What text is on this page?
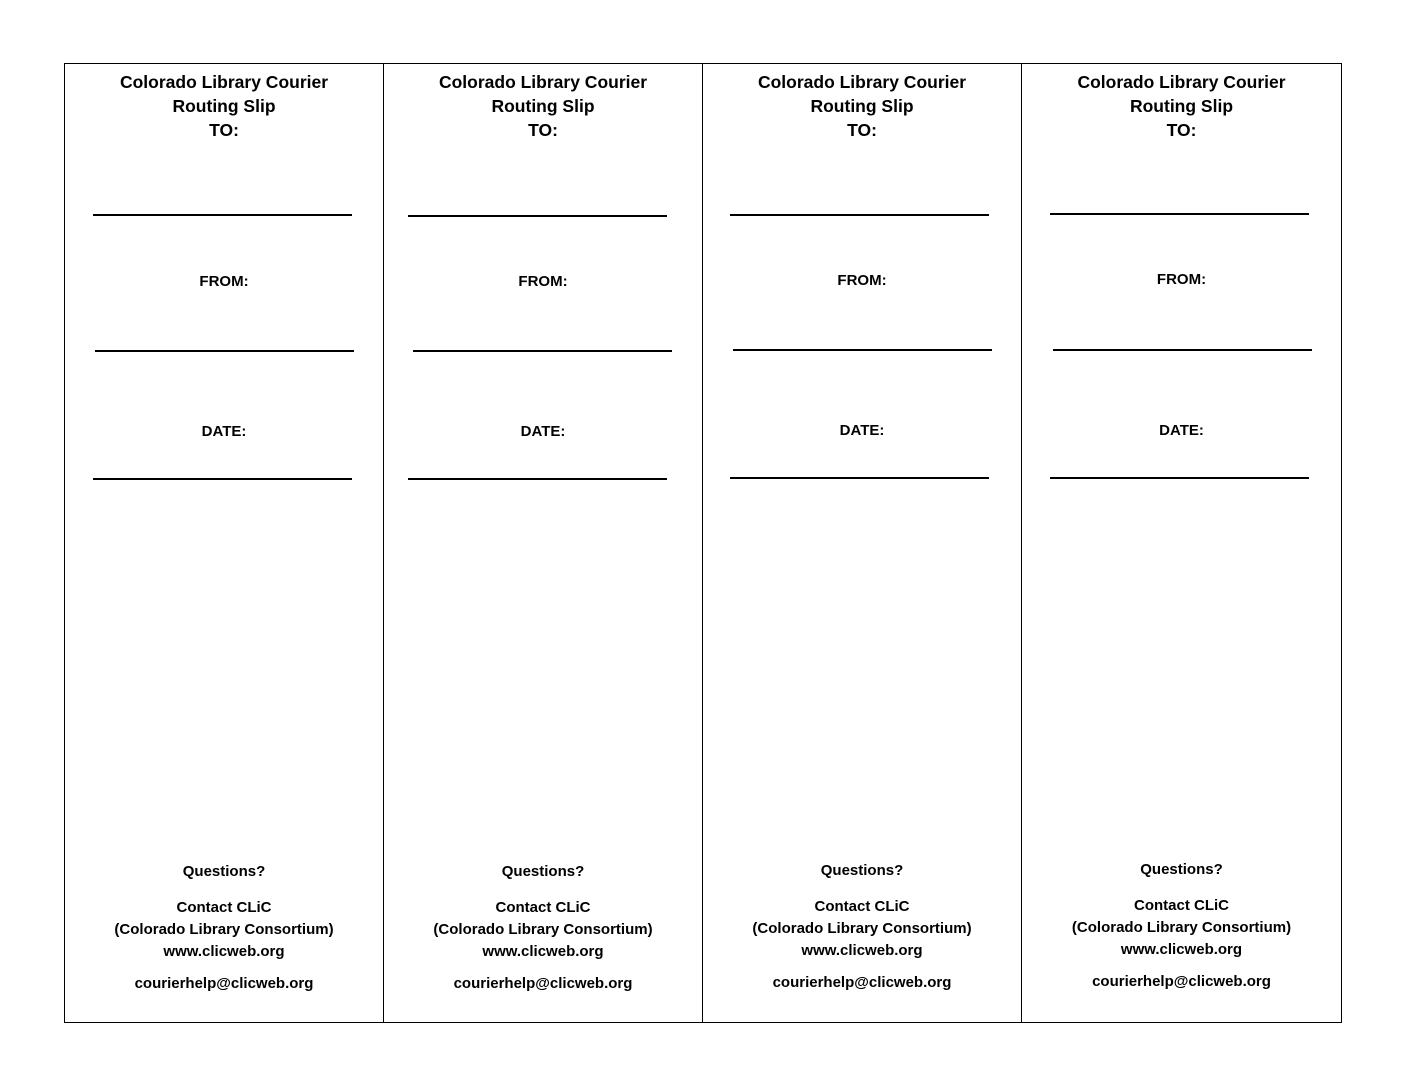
Colorado Library Courier
Routing Slip
TO:
FROM:
DATE:
Questions?
Contact CLiC
(Colorado Library Consortium)
www.clicweb.org
courierhelp@clicweb.org
Colorado Library Courier
Routing Slip
TO:
FROM:
DATE:
Questions?
Contact CLiC
(Colorado Library Consortium)
www.clicweb.org
courierhelp@clicweb.org
Colorado Library Courier
Routing Slip
TO:
FROM:
DATE:
Questions?
Contact CLiC
(Colorado Library Consortium)
www.clicweb.org
courierhelp@clicweb.org
Colorado Library Courier
Routing Slip
TO:
FROM:
DATE:
Questions?
Contact CLiC
(Colorado Library Consortium)
www.clicweb.org
courierhelp@clicweb.org
